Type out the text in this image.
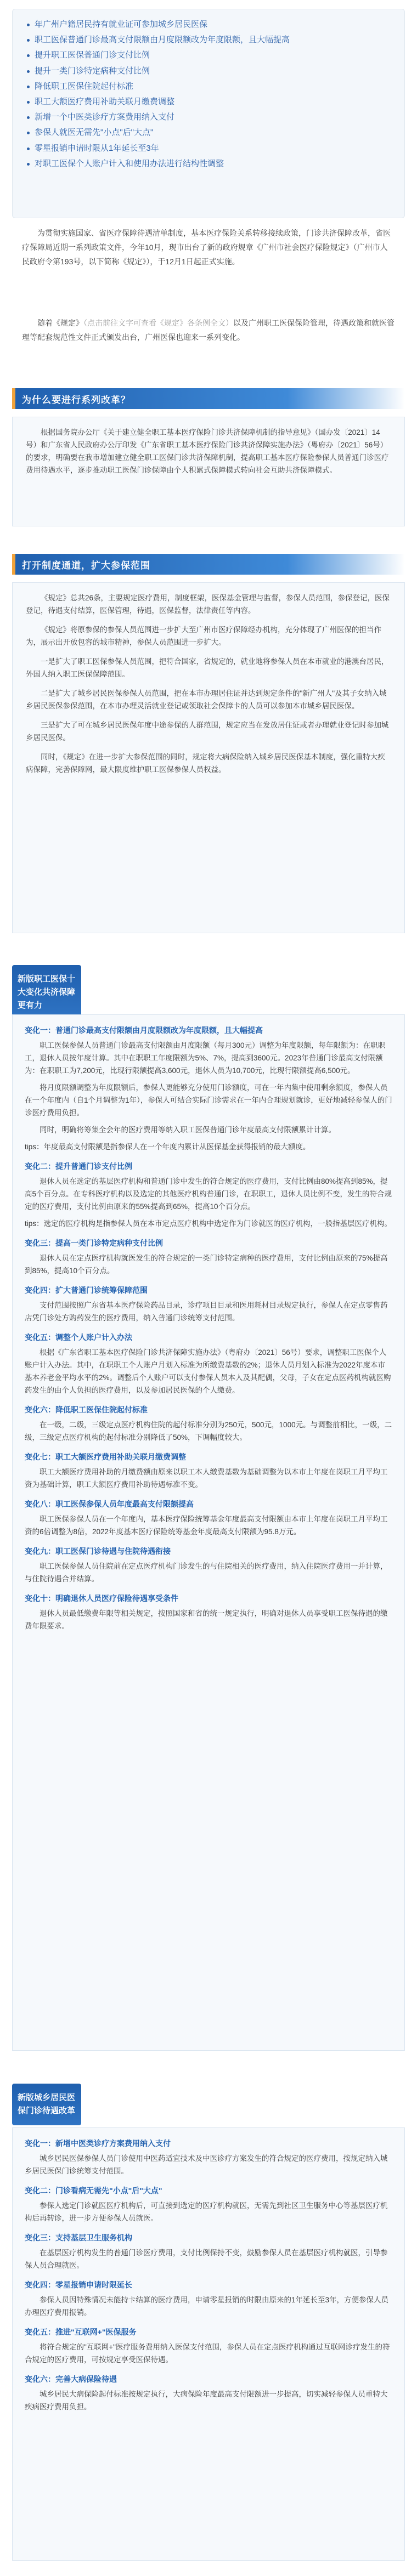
年广州户籍居民持有就业证可参加城乡居民医保
职工医保普通门诊最高支付限额由月度限额改为年度限额，且大幅提高
提升职工医保普通门诊支付比例
提升一类门诊特定病种支付比例
降低职工医保住院起付标准
职工大额医疗费用补助关联月缴费调整
新增一个中医类诊疗方案费用纳入支付
参保人就医无需先"小点"后"大点"
零星报销申请时限从1年延长至3年
对职工医保个人账户计入和使用办法进行结构性调整

为贯彻实施国家、省医疗保障待遇清单制度，基本医疗保险关系转移接续政策，门诊共济保障改革，省医疗保障局近期一系列政策文件，今年10月，现市出台了新的政府规章《广州市社会医疗保险规定》（广州市人民政府令第193号，以下简称《规定》），于12月1日起正式实施。

随着《规定》（点击前往文字可查看《规定》各条例全文）以及广州职工医保保险管理，待遇政策和就医管理等配套规范性文件正式颁发出台，广州医保也迎来一系列变化。

为什么要进行系列改革？

根据国务院办公厅《关于建立健全职工基本医疗保险门诊共济保障机制的指导意见》（国办发〔2021〕14号）和广东省人民政府办公厅印发《广东省职工基本医疗保险门诊共济保障实施办法》（粤府办〔2021〕56号）的要求，明确要在我市增加建立健全职工医保门诊共济保障机制，提高职工基本医疗保险参保人员普通门诊医疗费用待遇水平，逐步推动职工医保门诊保障由个人积累式保障模式转向社会互助共济保障模式。

打开制度通道，扩大参保范围

《规定》总共26条，主要规定医疗费用，制度框架，医保基金管理与监督，参保人员范围，参保登记，医保登记，待遇支付结算，医保管理，待遇，医保监督，法律责任等内容。

《规定》将原参保的参保人员范围进一步扩大至广州市医疗保障经办机构，充分体现了广州医保的担当作为，展示出开放包容的城市精神，参保人员范围进一步扩大。

一是扩大了职工医保参保人员范围，把符合国家，省规定的，就业地将参保人员在本市就业的港澳台居民，外国人纳入职工医保保障范围。

二是扩大了城乡居民医保参保人员范围，把在本市办理居住证并达到规定条件的"新广州人"及其子女纳入城乡居民医保参保范围，在本市办理灵活就业登记或领取社会保障卡的人员可以参加本市城乡居民医保。

三是扩大了可在城乡居民医保年度中途参保的人群范围，规定应当在发放居住证或者办理就业登记时参加城乡居民医保。

同时，《规定》在进一步扩大参保范围的同时，规定将大病保险纳入城乡居民医保基本制度，强化重特大疾病保障，完善保障网，最大限度维护职工医保参保人员权益。

新版职工医保十大变化共济保障更有力
变化一：普通门诊最高支付限额由月度限额改为年度限额，且大幅提高

职工医保参保人员普通门诊最高支付限额由月度限额（每月300元）调整为年度限额，每年限额为：在职职工，退休人员按年度计算。其中在职职工年度限额为5%、7%，提高到3600元。2023年普通门诊最高支付限额为：在职职工为7,200元，比现行限额提高3,600元，退休人员为10,700元，比现行限额提高6,500元。

将月度限额调整为年度限额后，参保人更能够充分使用门诊额度，可在一年内集中使用剩余额度，参保人员在一个年度内（自1个月调整为1年），参保人可结合实际门诊需求在一年内合理规划就诊，更好地减轻参保人的门诊医疗费用负担。

同时，明确将筹集全会年的医疗费用等纳入职工医保普通门诊年度最高支付限额累计计算。

tips：年度最高支付限额是指参保人在一个年度内累计从医保基金获得报销的最大额度。

变化二：提升普通门诊支付比例

退休人员在选定的基层医疗机构和普通门诊中发生的符合规定的医疗费用，支付比例由80%提高到85%，提高5个百分点。在专科医疗机构以及选定的其他医疗机构普通门诊，在职职工，退休人员比例不变，发生的符合规定的医疗费用，支付比例由原来的55%提高到65%，提高10个百分点。

tips：选定的医疗机构是指参保人员在本市定点医疗机构中选定作为门诊就医的医疗机构，一般指基层医疗机构。

变化三：提高一类门诊特定病种支付比例

退休人员在定点医疗机构就医发生的符合规定的一类门诊特定病种的医疗费用，支付比例由原来的75%提高到85%，提高10个百分点。

变化四：扩大普通门诊统筹保障范围

支付范围按照广东省基本医疗保险药品目录，诊疗项目目录和医用耗材目录规定执行，参保人在定点零售药店凭门诊处方购药发生的医疗费用，纳入普通门诊统筹支付范围。

变化五：调整个人账户计入办法

根据《广东省职工基本医疗保险门诊共济保障实施办法》（粤府办〔2021〕56号）要求，调整职工医保个人账户计入办法。其中，在职职工个人账户月划入标准为所缴费基数的2%；退休人员月划入标准为2022年度本市基本养老金平均水平的2%。调整后个人账户可以支付参保人员本人及其配偶，父母，子女在定点医药机构就医购药发生的由个人负担的医疗费用，以及参加居民医保的个人缴费。

变化六：降低职工医保住院起付标准

在一级，二级，三级定点医疗机构住院的起付标准分别为250元，500元，1000元。与调整前相比，一级，二级，三级定点医疗机构的起付标准分别降低了50%，下调幅度较大。

变化七：职工大额医疗费用补助关联月缴费调整

职工大额医疗费用补助的月缴费额由原来以职工本人缴费基数为基础调整为以本市上年度在岗职工月平均工资为基础计算，职工大额医疗费用补助待遇标准不变。

变化八：职工医保参保人员年度最高支付限额提高

职工医保参保人员在一个年度内，基本医疗保险统筹基金年度最高支付限额由本市上年度在岗职工月平均工资的6倍调整为8倍，2022年度基本医疗保险统筹基金年度最高支付限额为95.8万元。

变化九：职工医保门诊待遇与住院待遇衔接

职工医保参保人员住院前在定点医疗机构门诊发生的与住院相关的医疗费用，纳入住院医疗费用一并计算，与住院待遇合并结算。

变化十：明确退休人员医疗保险待遇享受条件

退休人员最低缴费年限等相关规定，按照国家和省的统一规定执行，明确对退休人员享受职工医保待遇的缴费年限要求。

新版城乡居民医保门诊待遇改革
变化一：新增中医类诊疗方案费用纳入支付

城乡居民医保参保人员门诊使用中医药适宜技术及中医诊疗方案发生的符合规定的医疗费用，按规定纳入城乡居民医保门诊统筹支付范围。

变化二：门诊看病无需先"小点"后"大点"

参保人选定门诊就医医疗机构后，可直接到选定的医疗机构就医，无需先到社区卫生服务中心等基层医疗机构后再转诊，进一步方便参保人员就医。

变化三：支持基层卫生服务机构

在基层医疗机构发生的普通门诊医疗费用，支付比例保持不变，鼓励参保人员在基层医疗机构就医，引导参保人员合理就医。

变化四：零星报销申请时限延长

参保人员因特殊情况未能持卡结算的医疗费用，申请零星报销的时限由原来的1年延长至3年，方便参保人员办理医疗费用报销。

变化五：推进"互联网+"医保服务

将符合规定的"互联网+"医疗服务费用纳入医保支付范围，参保人员在定点医疗机构通过互联网诊疗发生的符合规定的医疗费用，可按规定享受医保待遇。

变化六：完善大病保险待遇

城乡居民大病保险起付标准按规定执行，大病保险年度最高支付限额进一步提高，切实减轻参保人员重特大疾病医疗费用负担。
